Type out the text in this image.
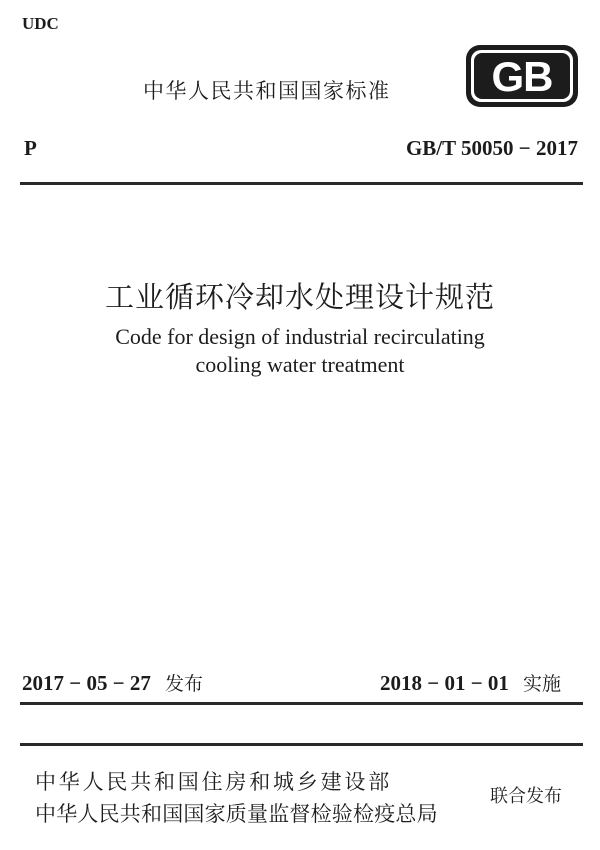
UDC
中华人民共和国国家标准 GB
P	GB/T 50050 − 2017
工业循环冷却水处理设计规范
Code for design of industrial recirculating
cooling water treatment
2017 − 05 − 27 发布	2018 − 01 − 01 实施
中华人民共和国住房和城乡建设部
中华人民共和国国家质量监督检验检疫总局
联合发布
